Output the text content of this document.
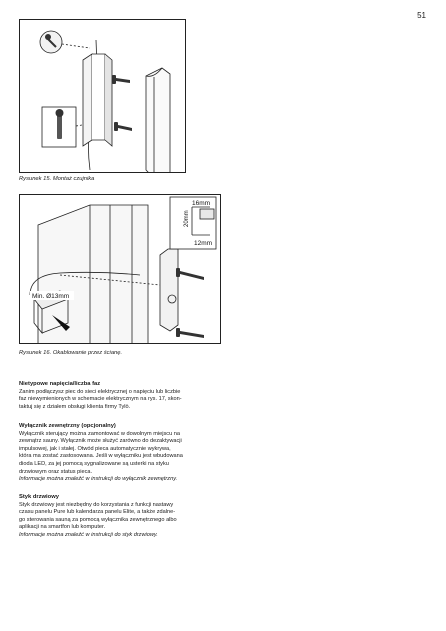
51
Rysunek 15. Montaż czujnika
Min. Ø13mm
16mm
20mm
12mm
Rysunek 16. Okablowanie przez ścianę.
Nietypowe napięcia/liczba faz

Zanim podłączysz piec do sieci elektrycznej o napięciu lub liczbie

faz niewymienionych w schemacie elektrycznym na rys. 17, skon-

taktuj się z działem obsługi klienta firmy Tylö.

Wyłącznik zewnętrzny (opcjonalny)

Wyłącznik sterujący można zamontować w dowolnym miejscu na

zewnątrz sauny. Wyłącznik może służyć zarówno do dezaktywacji

impulsowej, jak i stałej. Otwód pieca automatycznie wykrywa,

która ma zostać zastosowana. Jeśli w wyłączniku jest wbudowana

dioda LED, za jej pomocą sygnalizowane są usterki na styku

drzwiowym oraz status pieca.

Informacje można znaleźć w instrukcji do wyłącznik zewnętrzny.

Styk drzwiowy

Styk drzwiowy jest niezbędny do korzystania z funkcji nastawy

czasu panelu Pure lub kalendarza panelu Elite, a także zdalne-

go sterowania sauną za pomocą wyłącznika zewnętrznego albo

aplikacji na smartfon lub komputer.

Informacje można znaleźć w instrukcji do styk drzwiowy.
